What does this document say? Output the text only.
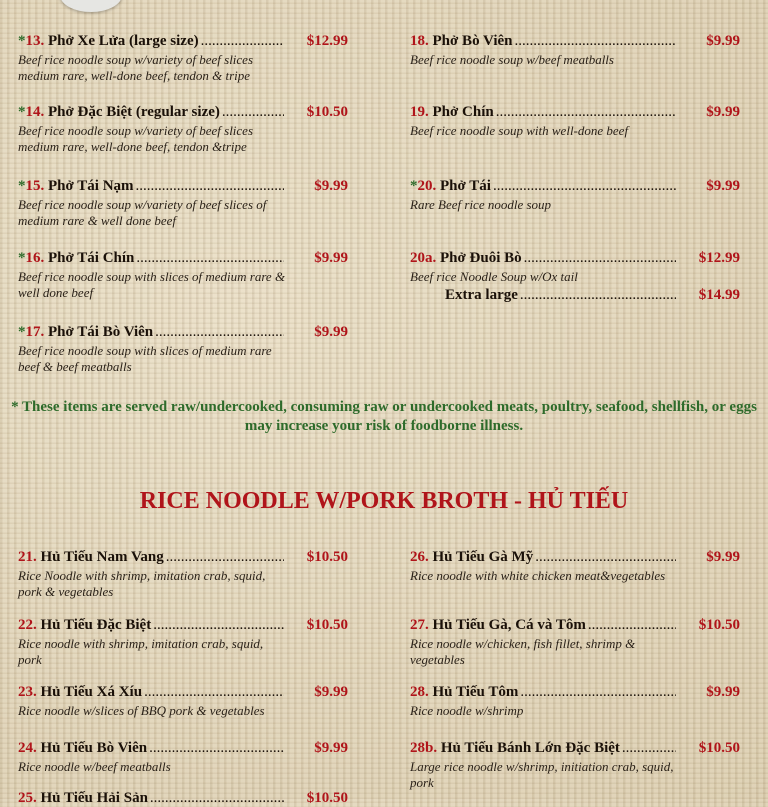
* 13.
Phở Xe Lửa (large size) .....	$12.99
Beef rice noodle soup w/variety of beef slices medium rare, well-done beef, tendon & tripe
* 14.
Phở Đặc Biệt (regular size) .....	$10.50
Beef rice noodle soup w/variety of beef slices medium rare, well-done beef, tendon &tripe
* 15.
Phở Tái Nạm .....	$9.99
Beef rice noodle soup w/variety of beef slices of medium rare & well done beef
* 16.
Phở Tái Chín .....	$9.99
Beef rice noodle soup with slices of medium rare & well done beef
* 17.
Phở Tái Bò Viên .....	$9.99
Beef rice noodle soup with slices of medium rare beef & beef meatballs
18.
Phở Bò Viên .....	$9.99
Beef rice noodle soup w/beef meatballs
19.
Phở Chín .....	$9.99
Beef rice noodle soup with well-done beef
* 20.
Phở Tái .....	$9.99
Rare Beef rice noodle soup
20a.
Phở Đuôi Bò .....	$12.99
Beef rice Noodle Soup w/Ox tail
Extra large .....	$14.99
* These items are served raw/undercooked, consuming raw or undercooked meats, poultry, seafood, shellfish, or eggs may increase your risk of foodborne illness.
RICE NOODLE W/PORK BROTH - HỦ TIẾU
21.
Hủ Tiếu Nam Vang .....	$10.50
Rice Noodle with shrimp, imitation crab, squid, pork & vegetables
22.
Hủ Tiếu Đặc Biệt .....	$10.50
Rice noodle with shrimp, imitation crab, squid, pork
23.
Hủ Tiếu Xá Xíu .....	$9.99
Rice noodle w/slices of BBQ pork & vegetables
24.
Hủ Tiếu Bò Viên .....	$9.99
Rice noodle w/beef meatballs
25.
Hủ Tiếu Hải Sản .....	$10.50
26.
Hủ Tiếu Gà Mỹ .....	$9.99
Rice noodle with white chicken meat&vegetables
27.
Hủ Tiếu Gà, Cá và Tôm .....	$10.50
Rice noodle w/chicken, fish fillet, shrimp & vegetables
28.
Hủ Tiếu Tôm .....	$9.99
Rice noodle w/shrimp
28b.
Hủ Tiếu Bánh Lớn Đặc Biệt .....	$10.50
Large rice noodle w/shrimp, initiation crab, squid, pork
